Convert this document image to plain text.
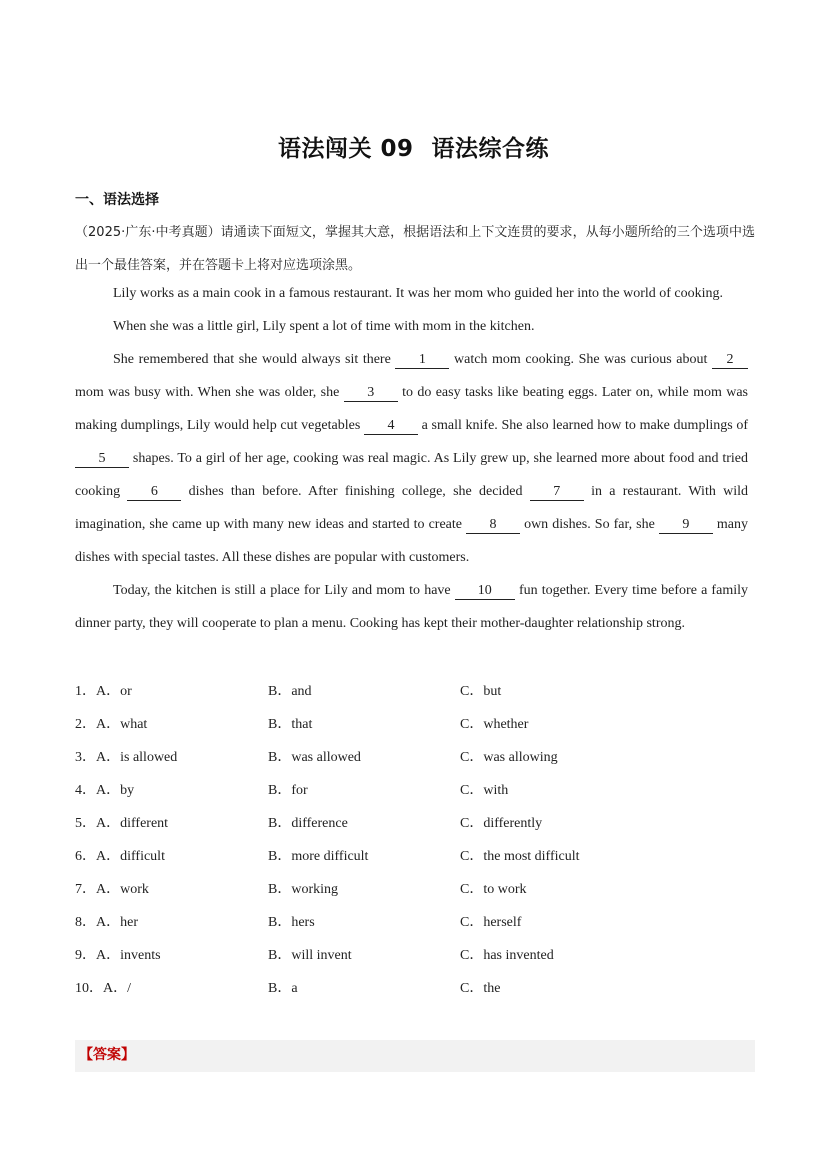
语法闯关 09 语法综合练
一、语法选择
（2025·广东·中考真题）请通读下面短文，掌握其大意，根据语法和上下文连贯的要求，从每小题所给的三个选项中选出一个最佳答案，并在答题卡上将对应选项涂黑。

Lily works as a main cook in a famous restaurant. It was her mom who guided her into the world of cooking.

When she was a little girl, Lily spent a lot of time with mom in the kitchen.

She remembered that she would always sit there 1 watch mom cooking. She was curious about 2 mom was busy with. When she was older, she 3 to do easy tasks like beating eggs. Later on, while mom was making dumplings, Lily would help cut vegetables 4 a small knife. She also learned how to make dumplings of 5 shapes. To a girl of her age, cooking was real magic. As Lily grew up, she learned more about food and tried cooking 6 dishes than before. After finishing college, she decided 7 in a restaurant. With wild imagination, she came up with many new ideas and started to create 8 own dishes. So far, she 9 many dishes with special tastes. All these dishes are popular with customers.

Today, the kitchen is still a place for Lily and mom to have 10 fun together. Every time before a family dinner party, they will cooperate to plan a menu. Cooking has kept their mother-daughter relationship strong.

1．A．or	B．and	C．but
2．A．what	B．that	C．whether
3．A．is allowed	B．was allowed	C．was allowing
4．A．by	B．for	C．with
5．A．different	B．difference	C．differently
6．A．difficult	B．more difficult	C．the most difficult
7．A．work	B．working	C．to work
8．A．her	B．hers	C．herself
9．A．invents	B．will invent	C．has invented
10．A．/	B．a	C．the
【答案】
